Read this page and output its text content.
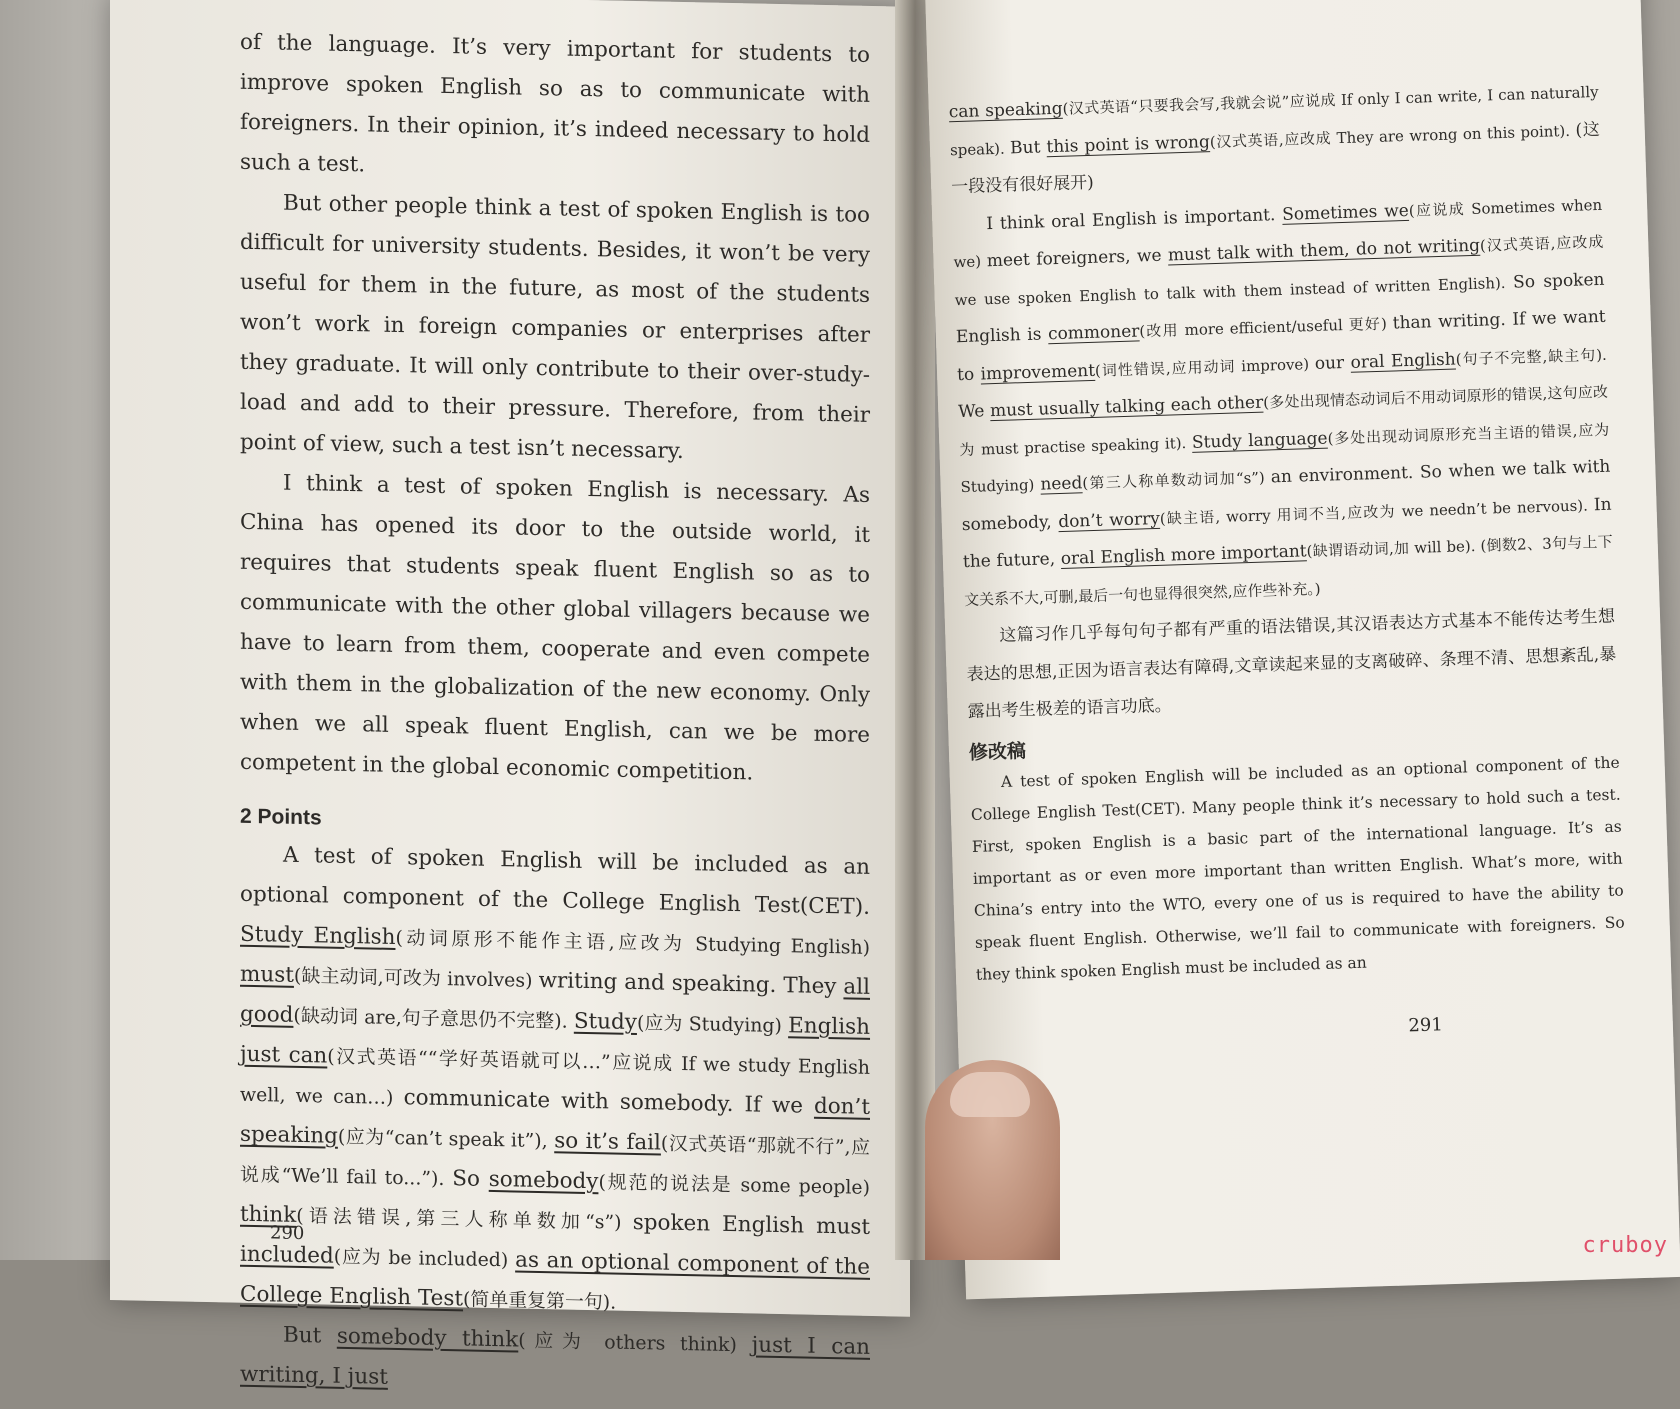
of the language. It’s very important for students to improve spoken English so as to communicate with foreigners. In their opinion, it’s indeed necessary to hold such a test.

But other people think a test of spoken English is too difficult for university students. Besides, it won’t be very useful for them in the future, as most of the students won’t work in foreign companies or enterprises after they graduate. It will only contribute to their over-study-load and add to their pressure. Therefore, from their point of view, such a test isn’t necessary.

I think a test of spoken English is necessary. As China has opened its door to the outside world, it requires that students speak fluent English so as to communicate with the other global villagers because we have to learn from them, cooperate and even compete with them in the globalization of the new economy. Only when we all speak fluent English, can we be more competent in the global economic competition.

2 Points

A test of spoken English will be included as an optional component of the College English Test(CET). Study English(动词原形不能作主语,应改为 Studying English) must(缺主动词,可改为 involves) writing and speaking. They all good(缺动词 are,句子意思仍不完整). Study(应为 Studying) English just can(汉式英语““学好英语就可以…”应说成 If we study English well, we can…) communicate with somebody. If we don’t speaking(应为“can’t speak it”), so it’s fail(汉式英语“那就不行”,应说成“We’ll fail to...”). So somebody(规范的说法是 some people) think(语法错误,第三人称单数加“s”) spoken English must included(应为 be included) as an optional component of the College English Test(简单重复第一句).

But somebody think(应为 others think) just I can writing, I just

290

can speaking(汉式英语“只要我会写,我就会说”应说成 If only I can write, I can naturally speak). But this point is wrong(汉式英语,应改成 They are wrong on this point). (这一段没有很好展开)

I think oral English is important. Sometimes we(应说成 Sometimes when we) meet foreigners, we must talk with them, do not writing(汉式英语,应改成 we use spoken English to talk with them instead of written English). So spoken English is commoner(改用 more efficient/useful 更好) than writing. If we want to improvement(词性错误,应用动词 improve) our oral English(句子不完整,缺主句). We must usually talking each other(多处出现情态动词后不用动词原形的错误,这句应改为 must practise speaking it). Study language(多处出现动词原形充当主语的错误,应为 Studying) need(第三人称单数动词加“s”) an environment. So when we talk with somebody, don’t worry(缺主语, worry 用词不当,应改为 we needn’t be nervous). In the future, oral English more important(缺谓语动词,加 will be). (倒数2、3句与上下文关系不大,可删,最后一句也显得很突然,应作些补充。)

这篇习作几乎每句句子都有严重的语法错误,其汉语表达方式基本不能传达考生想表达的思想,正因为语言表达有障碍,文章读起来显的支离破碎、条理不清、思想紊乱,暴露出考生极差的语言功底。

修改稿

A test of spoken English will be included as an optional component of the College English Test(CET). Many people think it’s necessary to hold such a test. First, spoken English is a basic part of the international language. It’s as important as or even more important than written English. What’s more, with China’s entry into the WTO, every one of us is required to have the ability to speak fluent English. Otherwise, we’ll fail to communicate with foreigners. So they think spoken English must be included as an

291
cruboy
